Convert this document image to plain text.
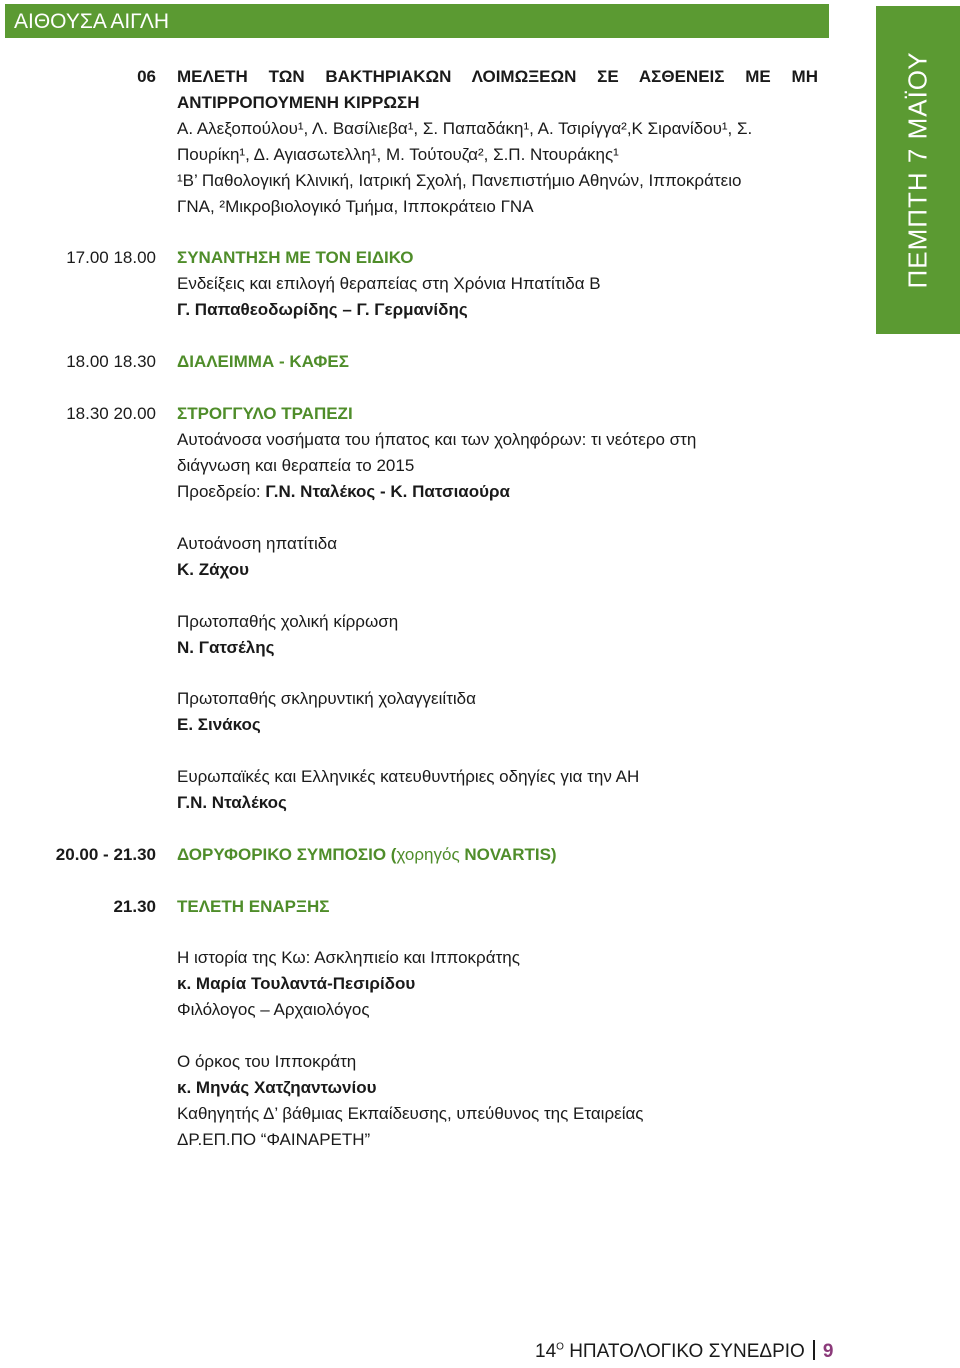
ΑΙΘΟΥΣΑ ΑΙΓΛΗ
ΠΕΜΠΤΗ 7 ΜΑΪΟΥ
06 ΜΕΛΕΤΗ ΤΩΝ ΒΑΚΤΗΡΙΑΚΩΝ ΛΟΙΜΩΞΕΩΝ ΣΕ ΑΣΘΕΝΕΙΣ ΜΕ ΜΗ
ΑΝΤΙΡΡΟΠΟΥΜΕΝΗ ΚΙΡΡΩΣΗ
Α. Αλεξοπούλου¹, Λ. Βασίλιεβα¹, Σ. Παπαδάκη¹, Α. Τσιρίγγα²,Κ Σιρανίδου¹, Σ.
Πουρίκη¹, Δ. Αγιασωτελλη¹, Μ. Τούτουζα², Σ.Π. Ντουράκης¹
¹Β’ Παθολογική Κλινική, Ιατρική Σχολή, Πανεπιστήμιο Αθηνών, Ιπποκράτειο
ΓΝΑ, ²Μικροβιολογικό Τμήμα, Ιπποκράτειο ΓΝΑ
17.00 18.00 ΣΥΝΑΝΤΗΣΗ ΜΕ ΤΟΝ ΕΙΔΙΚΟ
Ενδείξεις και επιλογή θεραπείας στη Χρόνια Ηπατίτιδα Β
Γ. Παπαθεοδωρίδης – Γ. Γερμανίδης
18.00 18.30 ΔΙΑΛΕΙΜΜΑ - ΚΑΦΕΣ
18.30 20.00 ΣΤΡΟΓΓΥΛΟ ΤΡΑΠΕΖΙ
Αυτοάνοσα νοσήματα του ήπατος και των χοληφόρων: τι νεότερο στη
διάγνωση και θεραπεία το 2015
Προεδρείο: Γ.Ν. Νταλέκος - Κ. Πατσιαούρα
Αυτοάνοση ηπατίτιδα
Κ. Ζάχου
Πρωτοπαθής χολική κίρρωση
Ν. Γατσέλης
Πρωτοπαθής σκληρυντική χολαγγειίτιδα
Ε. Σινάκος
Ευρωπαϊκές και Ελληνικές κατευθυντήριες οδηγίες για την ΑΗ
Γ.Ν. Νταλέκος
20.00 - 21.30 ΔΟΡΥΦΟΡΙΚΟ ΣΥΜΠΟΣΙΟ (χορηγός NOVARTIS)
21.30 ΤΕΛΕΤΗ ΕΝΑΡΞΗΣ
Η ιστορία της Κω: Ασκληπιείο και Ιπποκράτης
κ. Μαρία Τουλαντά-Πεσιρίδου
Φιλόλογος – Αρχαιολόγος
Ο όρκος του Ιπποκράτη
κ. Μηνάς Χατζηαντωνίου
Καθηγητής Δ’ βάθμιας Εκπαίδευσης, υπεύθυνος της Εταιρείας
ΔΡ.ΕΠ.ΠΟ “ΦΑΙΝΑΡΕΤΗ”
$14^O$ ΗΠΑΤΟΛΟΓΙΚΟ ΣΥΝΕΔΡΙΟ 9
